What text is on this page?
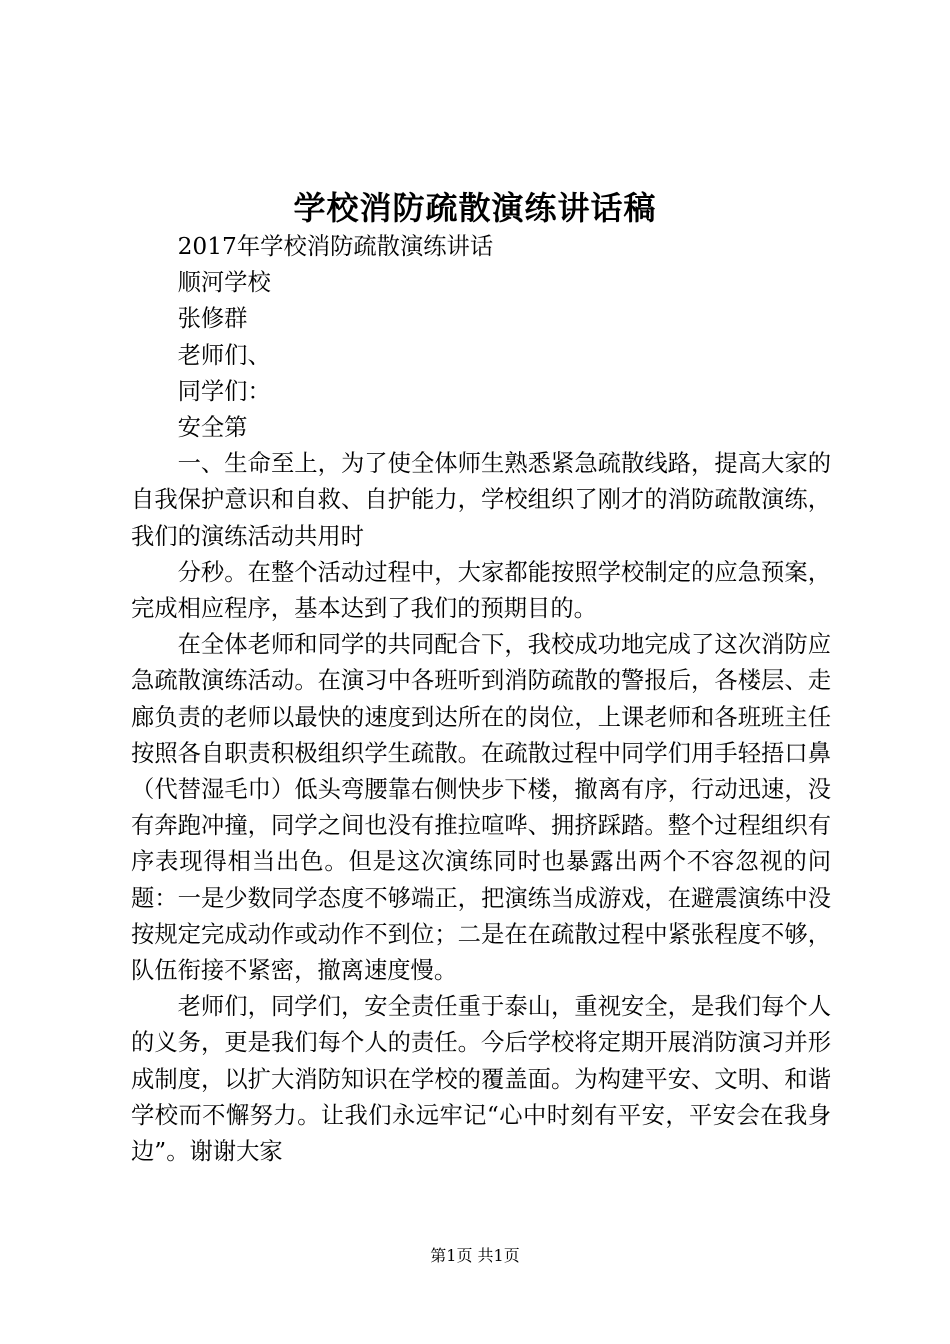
学校消防疏散演练讲话稿

2017年学校消防疏散演练讲话

顺河学校

张修群

老师们、

同学们：

安全第

一、生命至上，为了使全体师生熟悉紧急疏散线路，提高大家的自我保护意识和自救、自护能力，学校组织了刚才的消防疏散演练，我们的演练活动共用时

分秒。在整个活动过程中，大家都能按照学校制定的应急预案，完成相应程序，基本达到了我们的预期目的。

在全体老师和同学的共同配合下，我校成功地完成了这次消防应急疏散演练活动。在演习中各班听到消防疏散的警报后，各楼层、走廊负责的老师以最快的速度到达所在的岗位，上课老师和各班班主任按照各自职责积极组织学生疏散。在疏散过程中同学们用手轻捂口鼻（代替湿毛巾）低头弯腰靠右侧快步下楼，撤离有序，行动迅速，没有奔跑冲撞，同学之间也没有推拉喧哗、拥挤踩踏。整个过程组织有序表现得相当出色。但是这次演练同时也暴露出两个不容忽视的问题：一是少数同学态度不够端正，把演练当成游戏，在避震演练中没按规定完成动作或动作不到位；二是在在疏散过程中紧张程度不够，队伍衔接不紧密，撤离速度慢。

老师们，同学们，安全责任重于泰山，重视安全，是我们每个人的义务，更是我们每个人的责任。今后学校将定期开展消防演习并形成制度，以扩大消防知识在学校的覆盖面。为构建平安、文明、和谐学校而不懈努力。让我们永远牢记“心中时刻有平安，平安会在我身边”。谢谢大家

第1页 共1页
